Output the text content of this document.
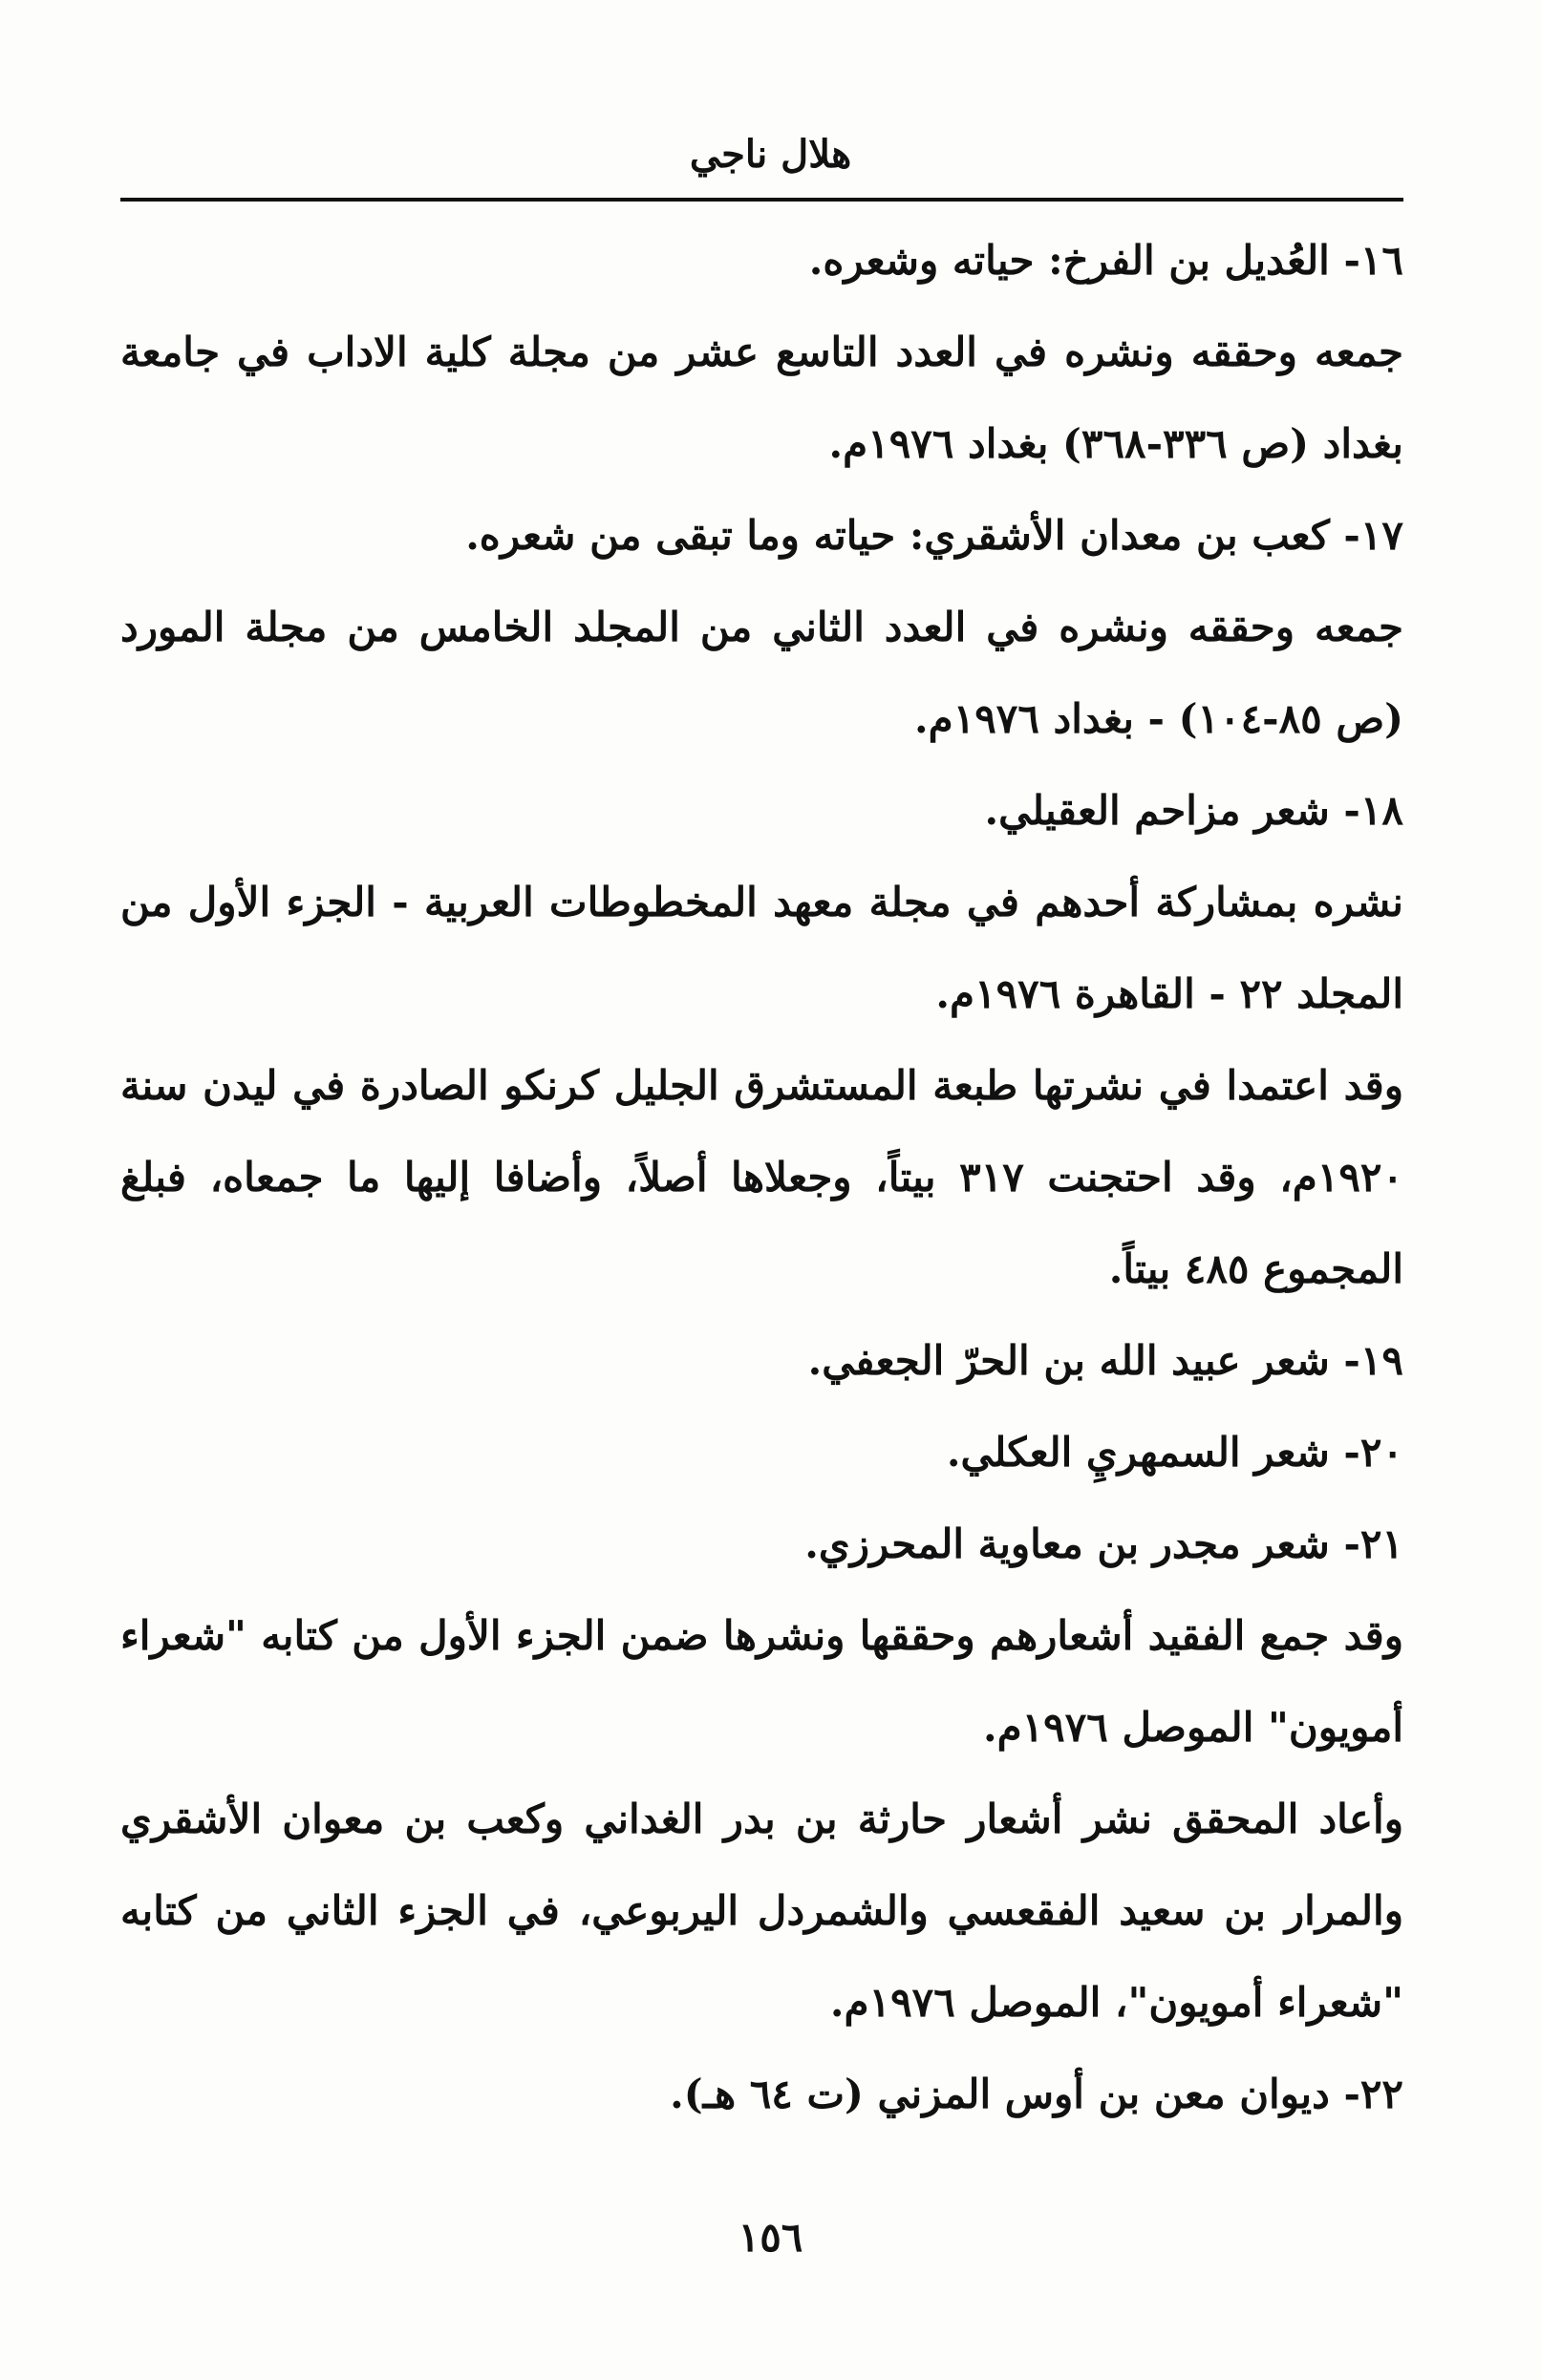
هلال ناجي

١٦- العُديل بن الفرخ: حياته وشعره.

جمعه وحققه ونشره في العدد التاسع عشر من مجلة كلية الاداب في جامعة بغداد (ص ٣٣٦-٣٦٨) بغداد ١٩٧٦م.

١٧- كعب بن معدان الأشقري: حياته وما تبقى من شعره.

جمعه وحققه ونشره في العدد الثاني من المجلد الخامس من مجلة المورد (ص ٨٥-١٠٤) - بغداد ١٩٧٦م.

١٨- شعر مزاحم العقيلي.

نشره بمشاركة أحدهم في مجلة معهد المخطوطات العربية - الجزء الأول من المجلد ٢٢ - القاهرة ١٩٧٦م.

وقد اعتمدا في نشرتها طبعة المستشرق الجليل كرنكو الصادرة في ليدن سنة ١٩٢٠م، وقد احتجنت ٣١٧ بيتاً، وجعلاها أصلاً، وأضافا إليها ما جمعاه، فبلغ المجموع ٤٨٥ بيتاً.

١٩- شعر عبيد الله بن الحرّ الجعفي.

٢٠- شعر السمهريِ العكلي.

٢١- شعر مجدر بن معاوية المحرزي.

وقد جمع الفقيد أشعارهم وحققها ونشرها ضمن الجزء الأول من كتابه "شعراء أمويون" الموصل ١٩٧٦م.

وأعاد المحقق نشر أشعار حارثة بن بدر الغداني وكعب بن معوان الأشقري والمرار بن سعيد الفقعسي والشمردل اليربوعي، في الجزء الثاني من كتابه "شعراء أمويون"، الموصل ١٩٧٦م.

٢٢- ديوان معن بن أوس المزني (ت ٦٤ هـ).

١٥٦
